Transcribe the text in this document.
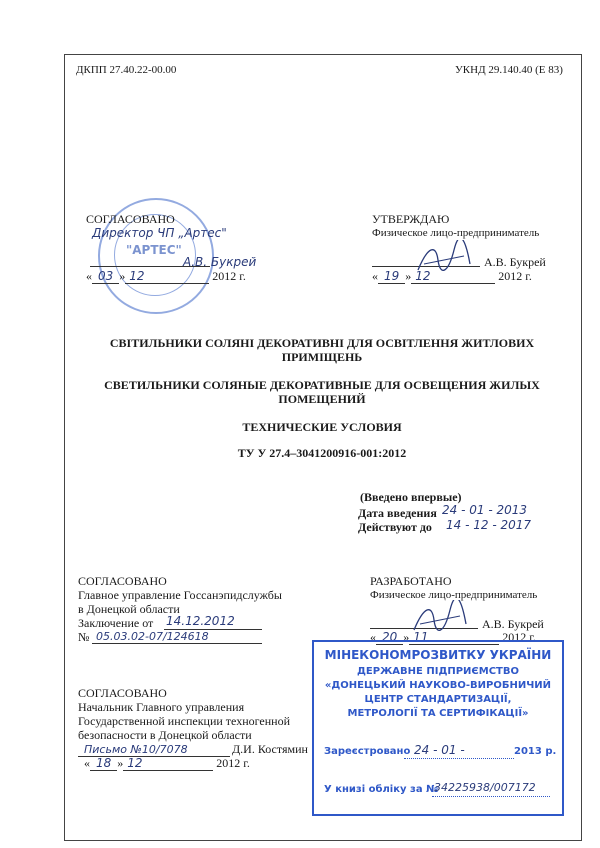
ДКПП 27.40.22-00.00	УКНД 29.140.40 (Е 83)
"АРТЕС"
СОГЛАСОВАНО
Директор ЧП „Артес"
А.В. Букрей
« 03 » 12	2012 г.
УТВЕРЖДАЮ
Физическое лицо-предприниматель
А.В. Букрей
« 19 » 12	2012 г.
СВІТИЛЬНИКИ СОЛЯНІ ДЕКОРАТИВНІ ДЛЯ ОСВІТЛЕННЯ ЖИТЛОВИХ
ПРИМІЩЕНЬ
СВЕТИЛЬНИКИ СОЛЯНЫЕ ДЕКОРАТИВНЫЕ ДЛЯ ОСВЕЩЕНИЯ ЖИЛЫХ
ПОМЕЩЕНИЙ
ТЕХНИЧЕСКИЕ УСЛОВИЯ
ТУ У 27.4–3041200916-001:2012
(Введено впервые)
Дата введения 24 - 01 - 2013
Действуют до 14 - 12 - 2017
СОГЛАСОВАНО
Главное управление Госсанэпидслужбы
в Донецкой области
Заключение от 14.12.2012
№ 05.03.02-07/124618
РАЗРАБОТАНО
Физическое лицо-предприниматель
А.В. Букрей
« 20 » 11	2012 г.
СОГЛАСОВАНО
Начальник Главного управления
Государственной инспекции техногенной
безопасности в Донецкой области
Письмо №10/7078	Д.И. Костямин
« 18 » 12	2012 г.
МІНЕКОНОМРОЗВИТКУ УКРАЇНИ
ДЕРЖАВНЕ ПІДПРИЄМСТВО
«ДОНЕЦЬКИЙ НАУКОВО-ВИРОБНИЧИЙ
ЦЕНТР СТАНДАРТИЗАЦІЇ,
МЕТРОЛОГІЇ ТА СЕРТИФІКАЦІЇ»
Зареєстровано 24 - 01 -	2013 р.
У книзі обліку за №
34225938/007172
